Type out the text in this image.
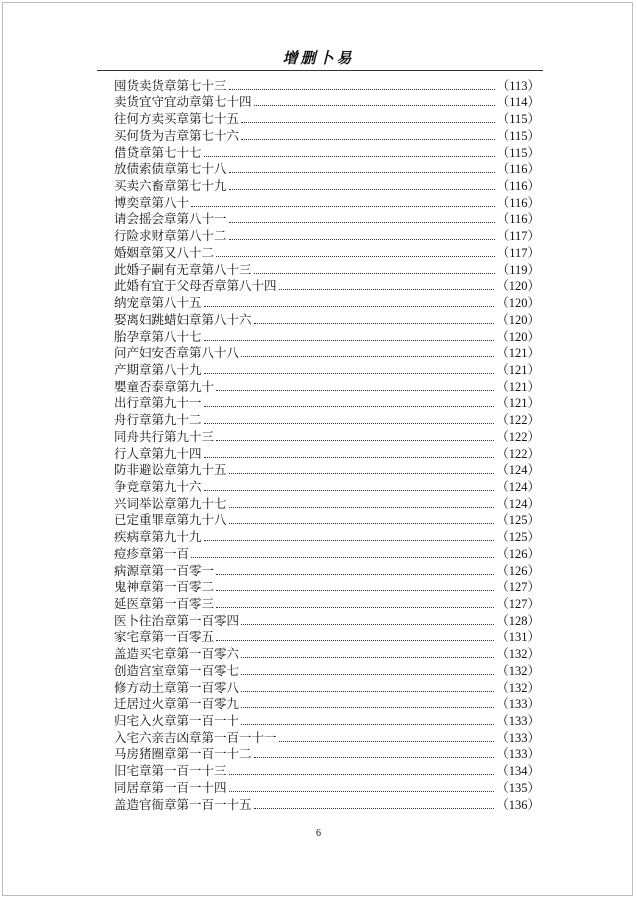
增删卜易
囤货卖货章第七十三	（113）
卖货宜守宜动章第七十四	（114）
往何方卖买章第七十五	（115）
买何货为吉章第七十六	（115）
借贷章第七十七	（115）
放债索债章第七十八	（116）
买卖六畜章第七十九	（116）
博奕章第八十	（116）
请会摇会章第八十一	（116）
行险求财章第八十二	（117）
婚姻章第又八十二	（117）
此婚子嗣有无章第八十三	（119）
此婚有宜于父母否章第八十四	（120）
纳宠章第八十五	（120）
娶离妇跳蜡妇章第八十六	（120）
胎孕章第八十七	（120）
问产妇安否章第八十八	（121）
产期章第八十九	（121）
嬰童否泰章第九十	（121）
出行章第九十一	（121）
舟行章第九十二	（122）
同舟共行第九十三	（122）
行人章第九十四	（122）
防非避讼章第九十五	（124）
争竞章第九十六	（124）
兴词举讼章第九十七	（124）
已定重罪章第九十八	（125）
疾病章第九十九	（125）
痘疹章第一百	（126）
病源章第一百零一	（126）
鬼神章第一百零二	（127）
延医章第一百零三	（127）
医卜往治章第一百零四	（128）
家宅章第一百零五	（131）
盖造买宅章第一百零六	（132）
创造宫室章第一百零七	（132）
修方动土章第一百零八	（132）
迁居过火章第一百零九	（133）
归宅入火章第一百一十	（133）
入宅六亲吉凶章第一百一十一	（133）
马房猪圈章第一百一十二	（133）
旧宅章第一百一十三	（134）
同居章第一百一十四	（135）
盖造官衙章第一百一十五	（136）
6
